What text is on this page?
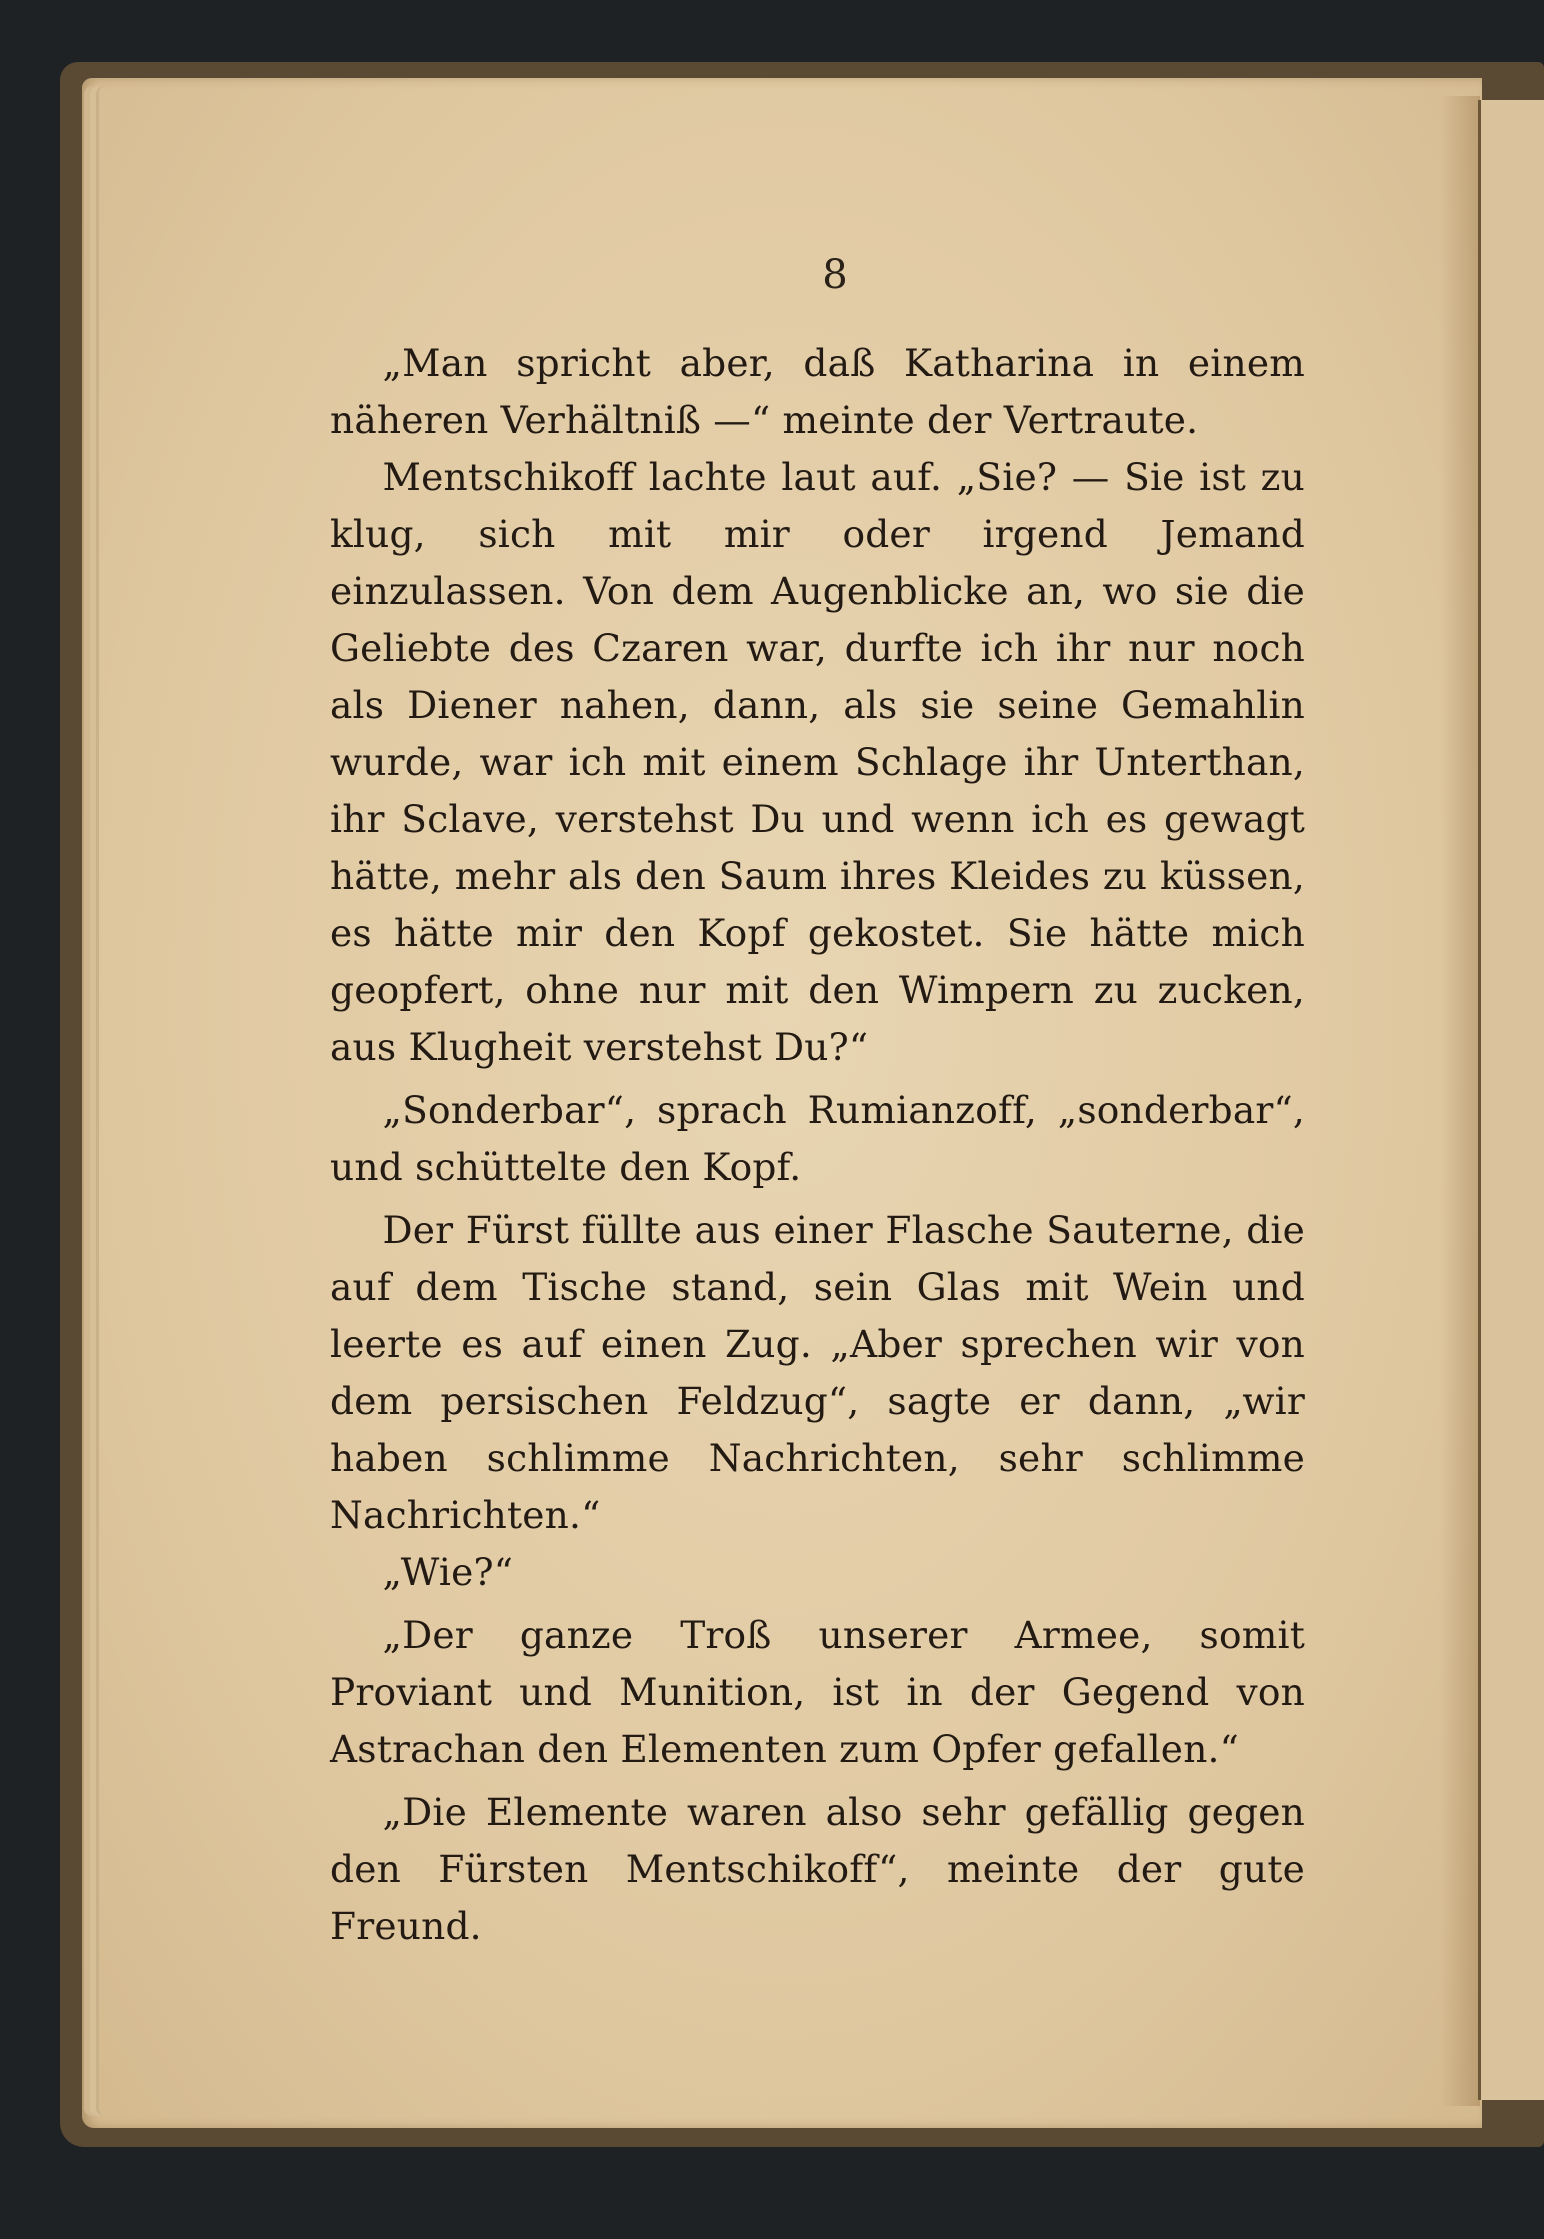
8

„Man spricht aber, daß Katharina in einem näheren Verhältniß —“ meinte der Vertraute.

Mentschikoff lachte laut auf. „Sie? — Sie ist zu klug, sich mit mir oder irgend Jemand einzulassen. Von dem Augenblicke an, wo sie die Geliebte des Czaren war, durfte ich ihr nur noch als Diener nahen, dann, als sie seine Gemahlin wurde, war ich mit einem Schlage ihr Unterthan, ihr Sclave, verstehst Du und wenn ich es gewagt hätte, mehr als den Saum ihres Kleides zu küssen, es hätte mir den Kopf gekostet. Sie hätte mich geopfert, ohne nur mit den Wimpern zu zucken, aus Klugheit verstehst Du?“

„Sonderbar“, sprach Rumianzoff, „sonderbar“, und schüttelte den Kopf.

Der Fürst füllte aus einer Flasche Sauterne, die auf dem Tische stand, sein Glas mit Wein und leerte es auf einen Zug. „Aber sprechen wir von dem persischen Feldzug“, sagte er dann, „wir haben schlimme Nachrichten, sehr schlimme Nachrichten.“

„Wie?“

„Der ganze Troß unserer Armee, somit Proviant und Munition, ist in der Gegend von Astrachan den Elementen zum Opfer gefallen.“

„Die Elemente waren also sehr gefällig gegen den Fürsten Mentschikoff“, meinte der gute Freund.
